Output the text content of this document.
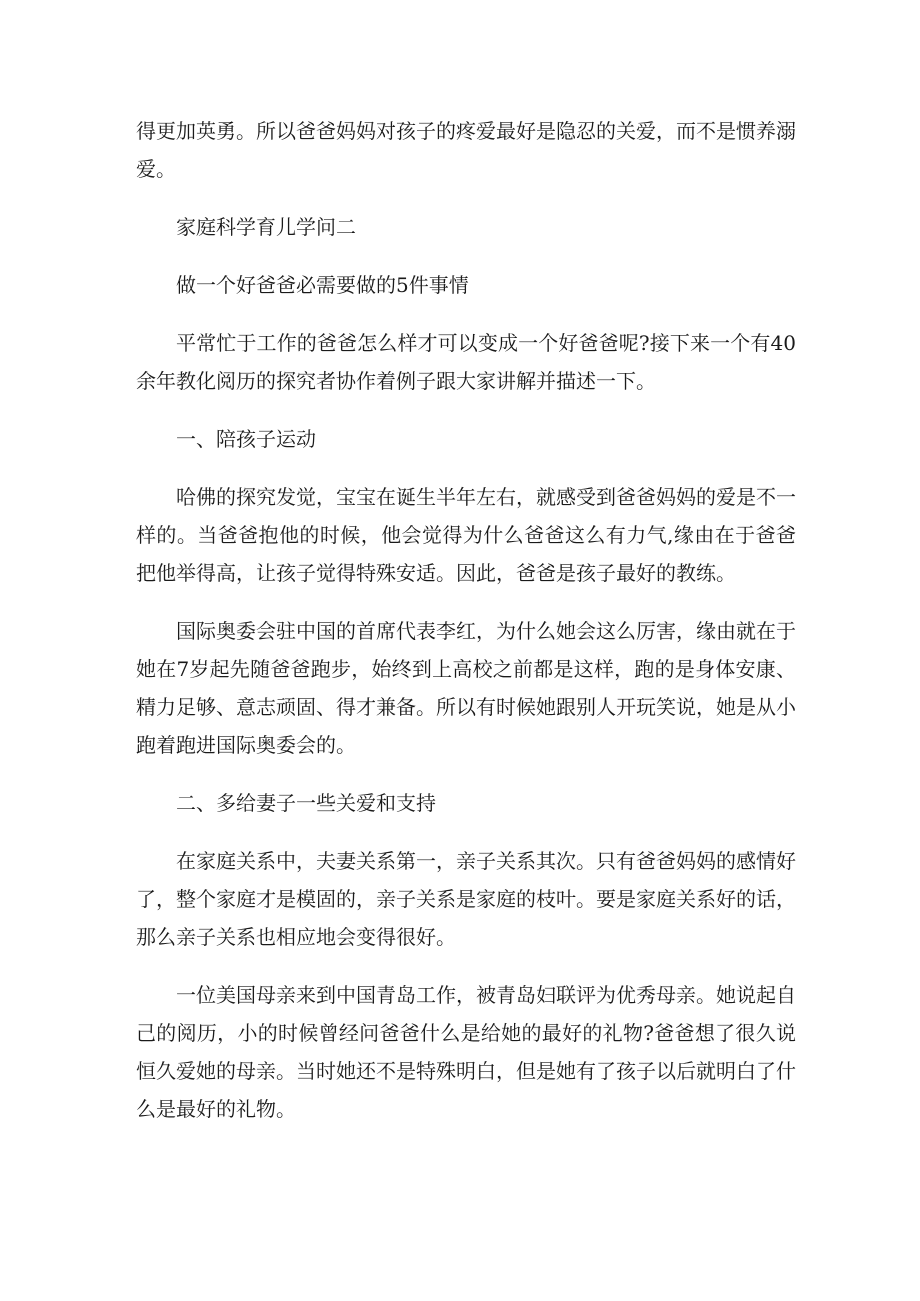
得更加英勇。所以爸爸妈妈对孩子的疼爱最好是隐忍的关爱，而不是惯养溺爱。

家庭科学育儿学问二

做一个好爸爸必需要做的5件事情

平常忙于工作的爸爸怎么样才可以变成一个好爸爸呢?接下来一个有40余年教化阅历的探究者协作着例子跟大家讲解并描述一下。

一、陪孩子运动

哈佛的探究发觉，宝宝在诞生半年左右，就感受到爸爸妈妈的爱是不一样的。当爸爸抱他的时候，他会觉得为什么爸爸这么有力气,缘由在于爸爸把他举得高，让孩子觉得特殊安适。因此，爸爸是孩子最好的教练。

国际奥委会驻中国的首席代表李红，为什么她会这么厉害，缘由就在于她在7岁起先随爸爸跑步，始终到上高校之前都是这样，跑的是身体安康、精力足够、意志顽固、得才兼备。所以有时候她跟别人开玩笑说，她是从小跑着跑进国际奥委会的。

二、多给妻子一些关爱和支持

在家庭关系中，夫妻关系第一，亲子关系其次。只有爸爸妈妈的感情好了，整个家庭才是模固的，亲子关系是家庭的枝叶。要是家庭关系好的话，那么亲子关系也相应地会变得很好。

一位美国母亲来到中国青岛工作，被青岛妇联评为优秀母亲。她说起自己的阅历，小的时候曾经问爸爸什么是给她的最好的礼物?爸爸想了很久说恒久爱她的母亲。当时她还不是特殊明白，但是她有了孩子以后就明白了什么是最好的礼物。
